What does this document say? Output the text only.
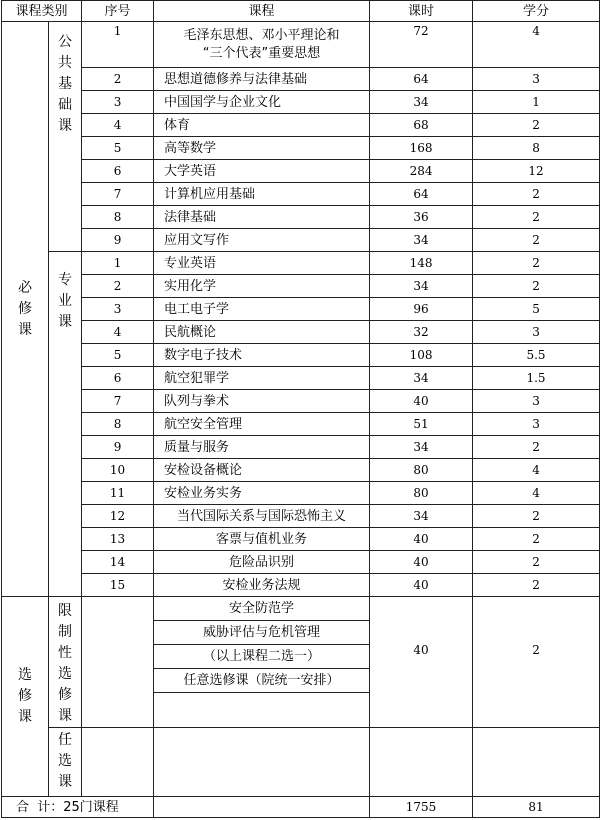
课程类别		序号	课程	课时	学分
必修课	公共基础课	1	毛泽东思想、邓小平理论和
“三个代表”重要思想	72	4
		2	思想道德修养与法律基础	64	3
		3	中国国学与企业文化	34	1
		4	体育	68	2
		5	高等数学	168	8
		6	大学英语	284	12
		7	计算机应用基础	64	2
		8	法律基础	36	2
		9	应用文写作	34	2
	专业课	1	专业英语	148	2
		2	实用化学	34	2
		3	电工电子学	96	5
		4	民航概论	32	3
		5	数字电子技术	108	5.5
		6	航空犯罪学	34	1.5
		7	队列与拳术	40	3
		8	航空安全管理	51	3
		9	质量与服务	34	2
		10	安检设备概论	80	4
		11	安检业务实务	80	4
		12	当代国际关系与国际恐怖主义	34	2
		13	客票与值机业务	40	2
		14	危险品识别	40	2
		15	安检业务法规	40	2
选修课	限制性选修课		安全防范学	40	2
			威胁评估与危机管理		
			（以上课程二选一）		
			任意选修课（院统一安排）		

	任选课				
合  计：25门课程				1755	81
